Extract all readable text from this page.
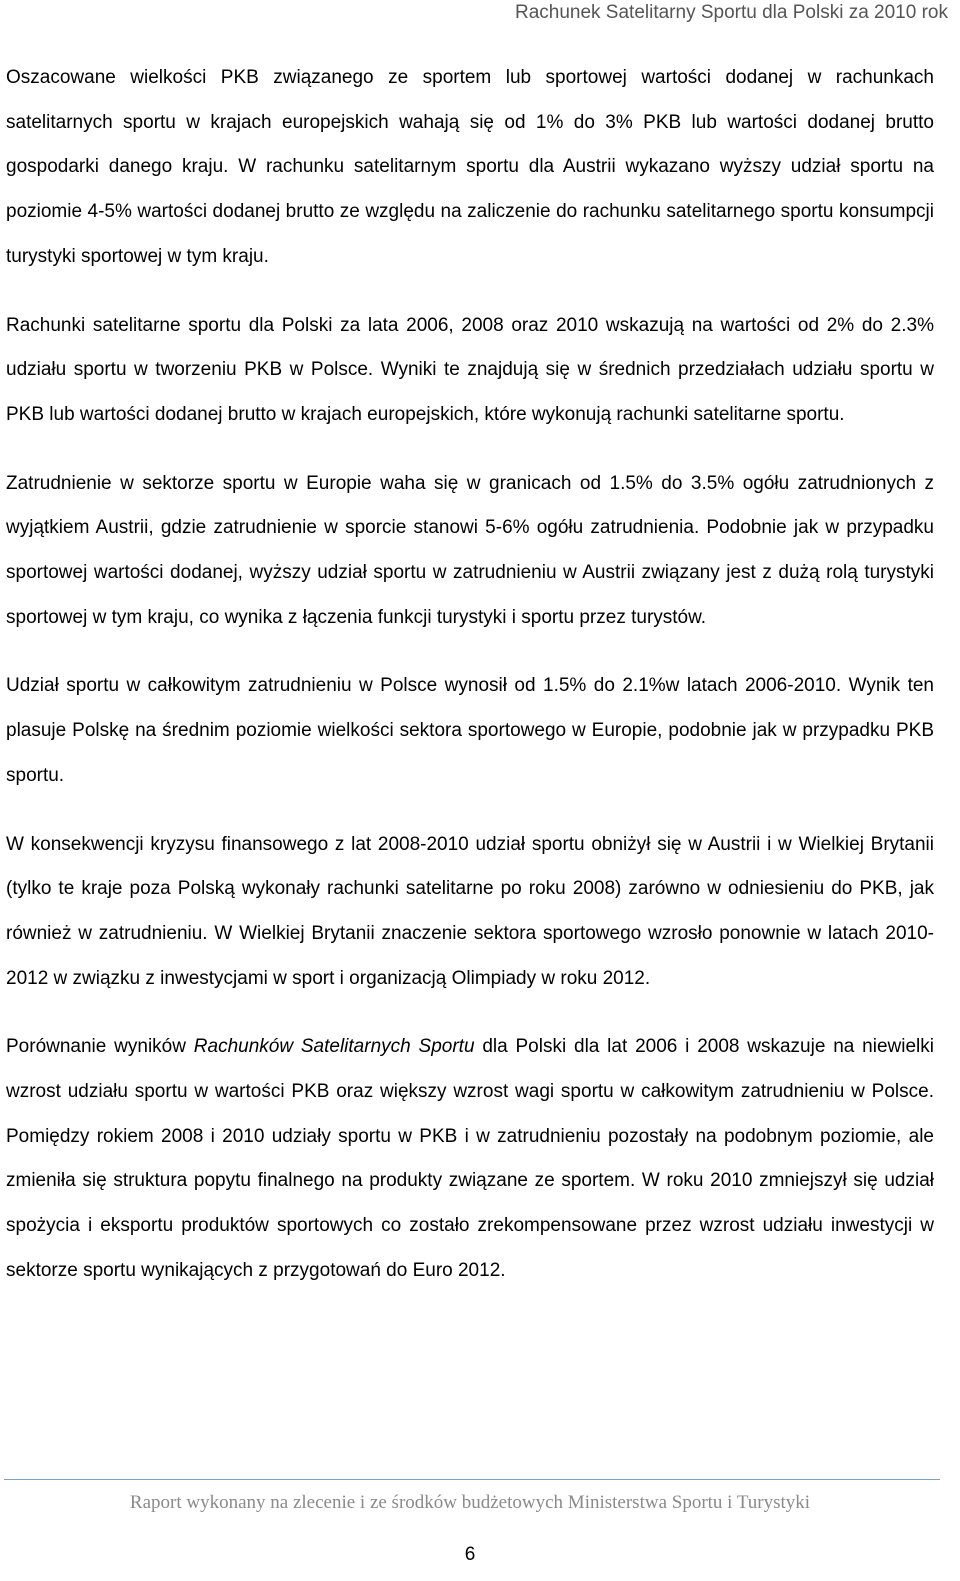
Rachunek Satelitarny Sportu dla Polski za 2010 rok

Oszacowane wielkości PKB związanego ze sportem lub sportowej wartości dodanej w rachunkach satelitarnych sportu w krajach europejskich wahają się od 1% do 3% PKB lub wartości dodanej brutto gospodarki danego kraju. W rachunku satelitarnym sportu dla Austrii wykazano wyższy udział sportu na poziomie 4-5% wartości dodanej brutto ze względu na zaliczenie do rachunku satelitarnego sportu konsumpcji turystyki sportowej w tym kraju.

Rachunki satelitarne sportu dla Polski za lata 2006, 2008 oraz 2010 wskazują na wartości od 2% do 2.3% udziału sportu w tworzeniu PKB w Polsce. Wyniki te znajdują się w średnich przedziałach udziału sportu w PKB lub wartości dodanej brutto w krajach europejskich, które wykonują rachunki satelitarne sportu.

Zatrudnienie w sektorze sportu w Europie waha się w granicach od 1.5% do 3.5% ogółu zatrudnionych z wyjątkiem Austrii, gdzie zatrudnienie w sporcie stanowi 5-6% ogółu zatrudnienia. Podobnie jak w przypadku sportowej wartości dodanej, wyższy udział sportu w zatrudnieniu w Austrii związany jest z dużą rolą turystyki sportowej w tym kraju, co wynika z łączenia funkcji turystyki i sportu przez turystów.

Udział sportu w całkowitym zatrudnieniu w Polsce wynosił od 1.5% do 2.1%w latach 2006-2010. Wynik ten plasuje Polskę na średnim poziomie wielkości sektora sportowego w Europie, podobnie jak w przypadku PKB sportu.

W konsekwencji kryzysu finansowego z lat 2008-2010 udział sportu obniżył się w Austrii i w Wielkiej Brytanii (tylko te kraje poza Polską wykonały rachunki satelitarne po roku 2008) zarówno w odniesieniu do PKB, jak również w zatrudnieniu. W Wielkiej Brytanii znaczenie sektora sportowego wzrosło ponownie w latach 2010-2012 w związku z inwestycjami w sport i organizacją Olimpiady w roku 2012.

Porównanie wyników Rachunków Satelitarnych Sportu dla Polski dla lat 2006 i 2008 wskazuje na niewielki wzrost udziału sportu w wartości PKB oraz większy wzrost wagi sportu w całkowitym zatrudnieniu w Polsce. Pomiędzy rokiem 2008 i 2010 udziały sportu w PKB i w zatrudnieniu pozostały na podobnym poziomie, ale zmieniła się struktura popytu finalnego na produkty związane ze sportem. W roku 2010 zmniejszył się udział spożycia i eksportu produktów sportowych co zostało zrekompensowane przez wzrost udziału inwestycji w sektorze sportu wynikających z przygotowań do Euro 2012.

Raport wykonany na zlecenie i ze środków budżetowych Ministerstwa Sportu i Turystyki
6
